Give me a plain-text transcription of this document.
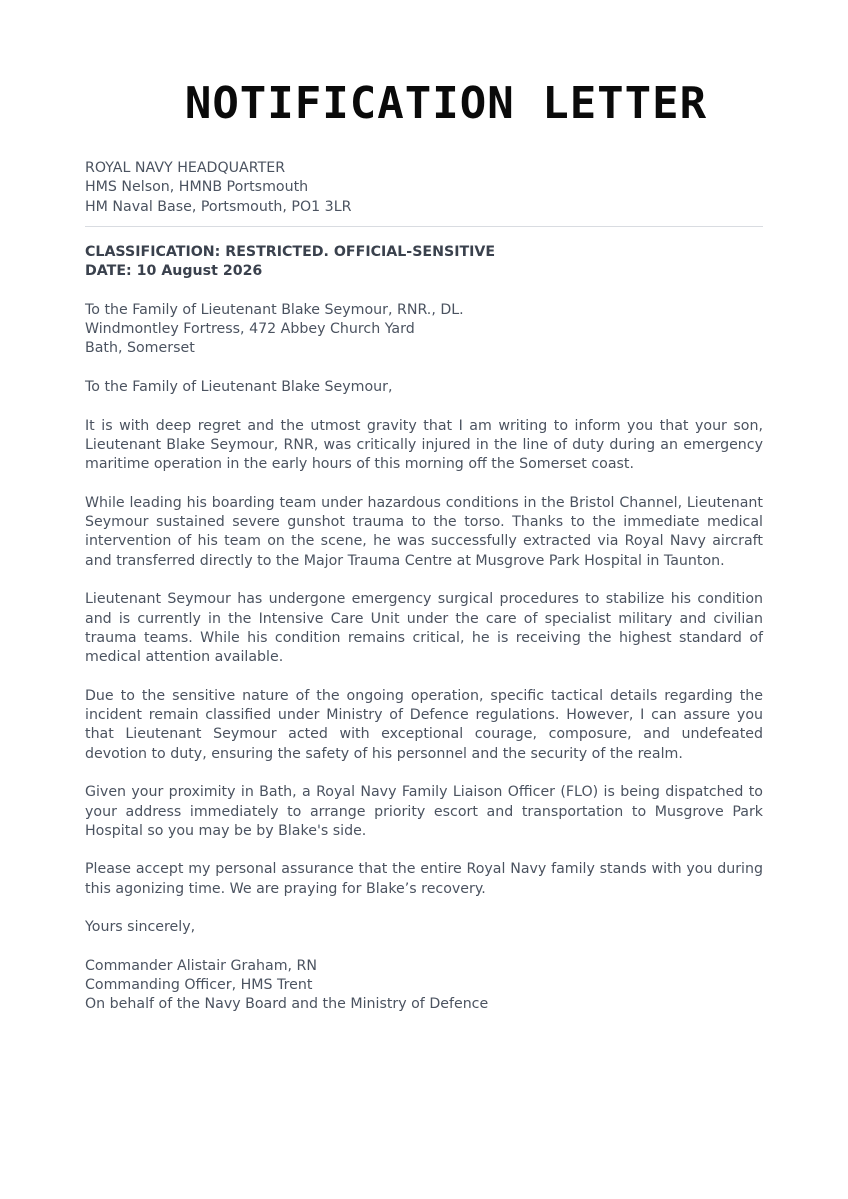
NOTIFICATION LETTER
ROYAL NAVY HEADQUARTER
HMS Nelson, HMNB Portsmouth
HM Naval Base, Portsmouth, PO1 3LR
CLASSIFICATION: RESTRICTED. OFFICIAL-SENSITIVE
DATE: 10 August 2026
To the Family of Lieutenant Blake Seymour, RNR., DL.
Windmontley Fortress, 472 Abbey Church Yard
Bath, Somerset

To the Family of Lieutenant Blake Seymour,

It is with deep regret and the utmost gravity that I am writing to inform you that your son, Lieutenant Blake Seymour, RNR, was critically injured in the line of duty during an emergency maritime operation in the early hours of this morning off the Somerset coast.

While leading his boarding team under hazardous conditions in the Bristol Channel, Lieutenant Seymour sustained severe gunshot trauma to the torso. Thanks to the immediate medical intervention of his team on the scene, he was successfully extracted via Royal Navy aircraft and transferred directly to the Major Trauma Centre at Musgrove Park Hospital in Taunton.

Lieutenant Seymour has undergone emergency surgical procedures to stabilize his condition and is currently in the Intensive Care Unit under the care of specialist military and civilian trauma teams. While his condition remains critical, he is receiving the highest standard of medical attention available.

Due to the sensitive nature of the ongoing operation, specific tactical details regarding the incident remain classified under Ministry of Defence regulations. However, I can assure you that Lieutenant Seymour acted with exceptional courage, composure, and undefeated devotion to duty, ensuring the safety of his personnel and the security of the realm.

Given your proximity in Bath, a Royal Navy Family Liaison Officer (FLO) is being dispatched to your address immediately to arrange priority escort and transportation to Musgrove Park Hospital so you may be by Blake's side.

Please accept my personal assurance that the entire Royal Navy family stands with you during this agonizing time. We are praying for Blake’s recovery.

Yours sincerely,

Commander Alistair Graham, RN
Commanding Officer, HMS Trent
On behalf of the Navy Board and the Ministry of Defence
